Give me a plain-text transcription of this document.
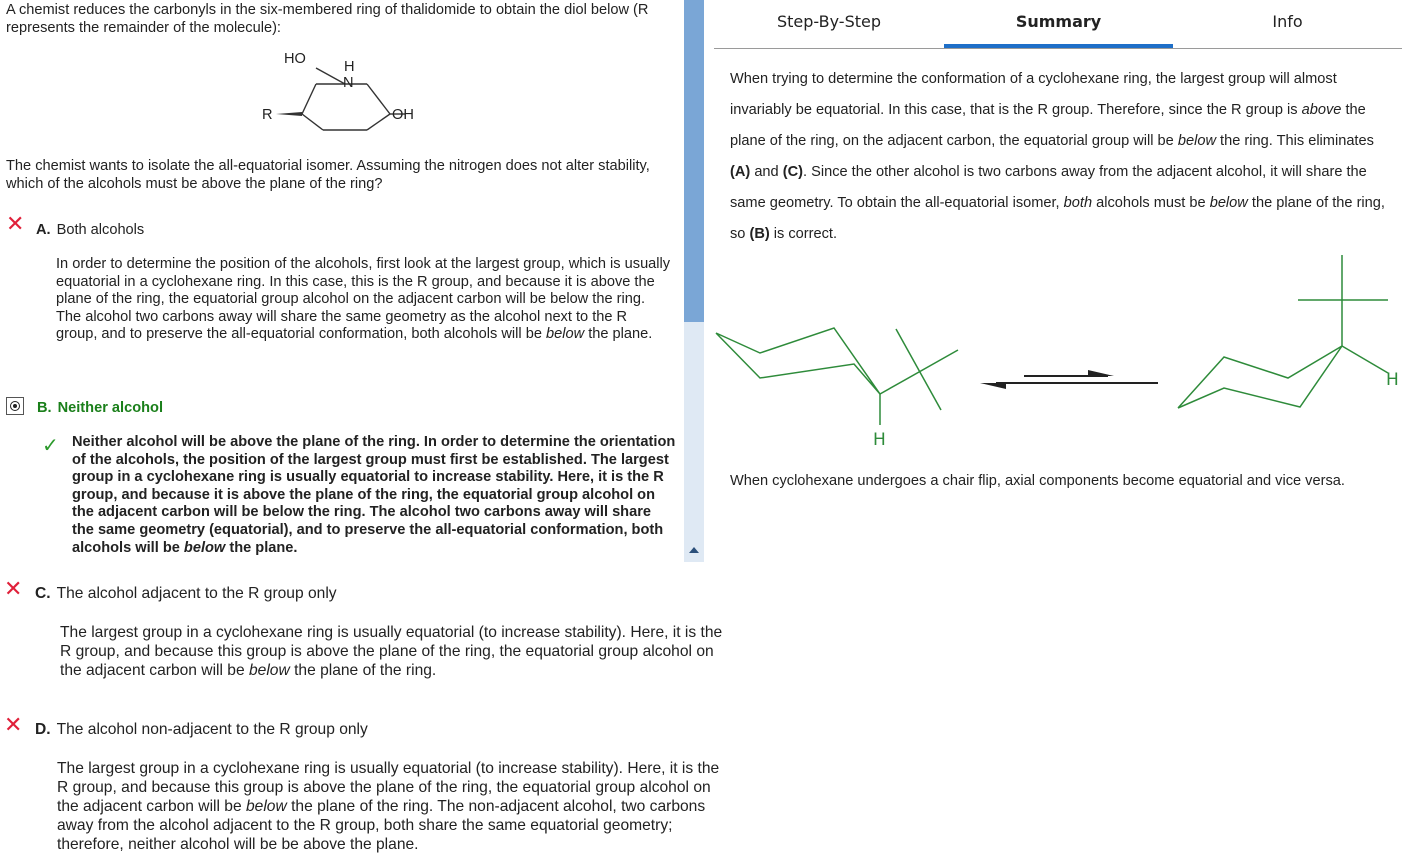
A chemist reduces the carbonyls in the six-membered ring of thalidomide to obtain the diol below (R represents the remainder of the molecule):

HO	H
N
R	OH

The chemist wants to isolate the all-equatorial isomer. Assuming the nitrogen does not alter stability, which of the alcohols must be above the plane of the ring?

✕ A. Both alcohols

In order to determine the position of the alcohols, first look at the largest group, which is usually equatorial in a cyclohexane ring. In this case, this is the R group, and because it is above the plane of the ring, the equatorial group alcohol on the adjacent carbon will be below the ring. The alcohol two carbons away will share the same geometry as the alcohol next to the R group, and to preserve the all-equatorial conformation, both alcohols will be below the plane.

B. Neither alcohol
✓ Neither alcohol will be above the plane of the ring. In order to determine the orientation of the alcohols, the position of the largest group must first be established. The largest group in a cyclohexane ring is usually equatorial to increase stability. Here, it is the R group, and because it is above the plane of the ring, the equatorial group alcohol on the adjacent carbon will be below the ring. The alcohol two carbons away will share the same geometry (equatorial), and to preserve the all-equatorial conformation, both alcohols will be below the plane.

✕ C. The alcohol adjacent to the R group only

The largest group in a cyclohexane ring is usually equatorial (to increase stability). Here, it is the R group, and because this group is above the plane of the ring, the equatorial group alcohol on the adjacent carbon will be below the plane of the ring.

✕ D. The alcohol non-adjacent to the R group only

The largest group in a cyclohexane ring is usually equatorial (to increase stability). Here, it is the R group, and because this group is above the plane of the ring, the equatorial group alcohol on the adjacent carbon will be below the plane of the ring. The non-adjacent alcohol, two carbons away from the alcohol adjacent to the R group, both share the same equatorial geometry; therefore, neither alcohol will be be above the plane.

Step-By-Step	Summary	Info

When trying to determine the conformation of a cyclohexane ring, the largest group will almost invariably be equatorial. In this case, that is the R group. Therefore, since the R group is above the plane of the ring, on the adjacent carbon, the equatorial group will be below the ring. This eliminates (A) and (C). Since the other alcohol is two carbons away from the adjacent alcohol, it will share the same geometry. To obtain the all-equatorial isomer, both alcohols must be below the plane of the ring, so (B) is correct.

H
H

When cyclohexane undergoes a chair flip, axial components become equatorial and vice versa.
